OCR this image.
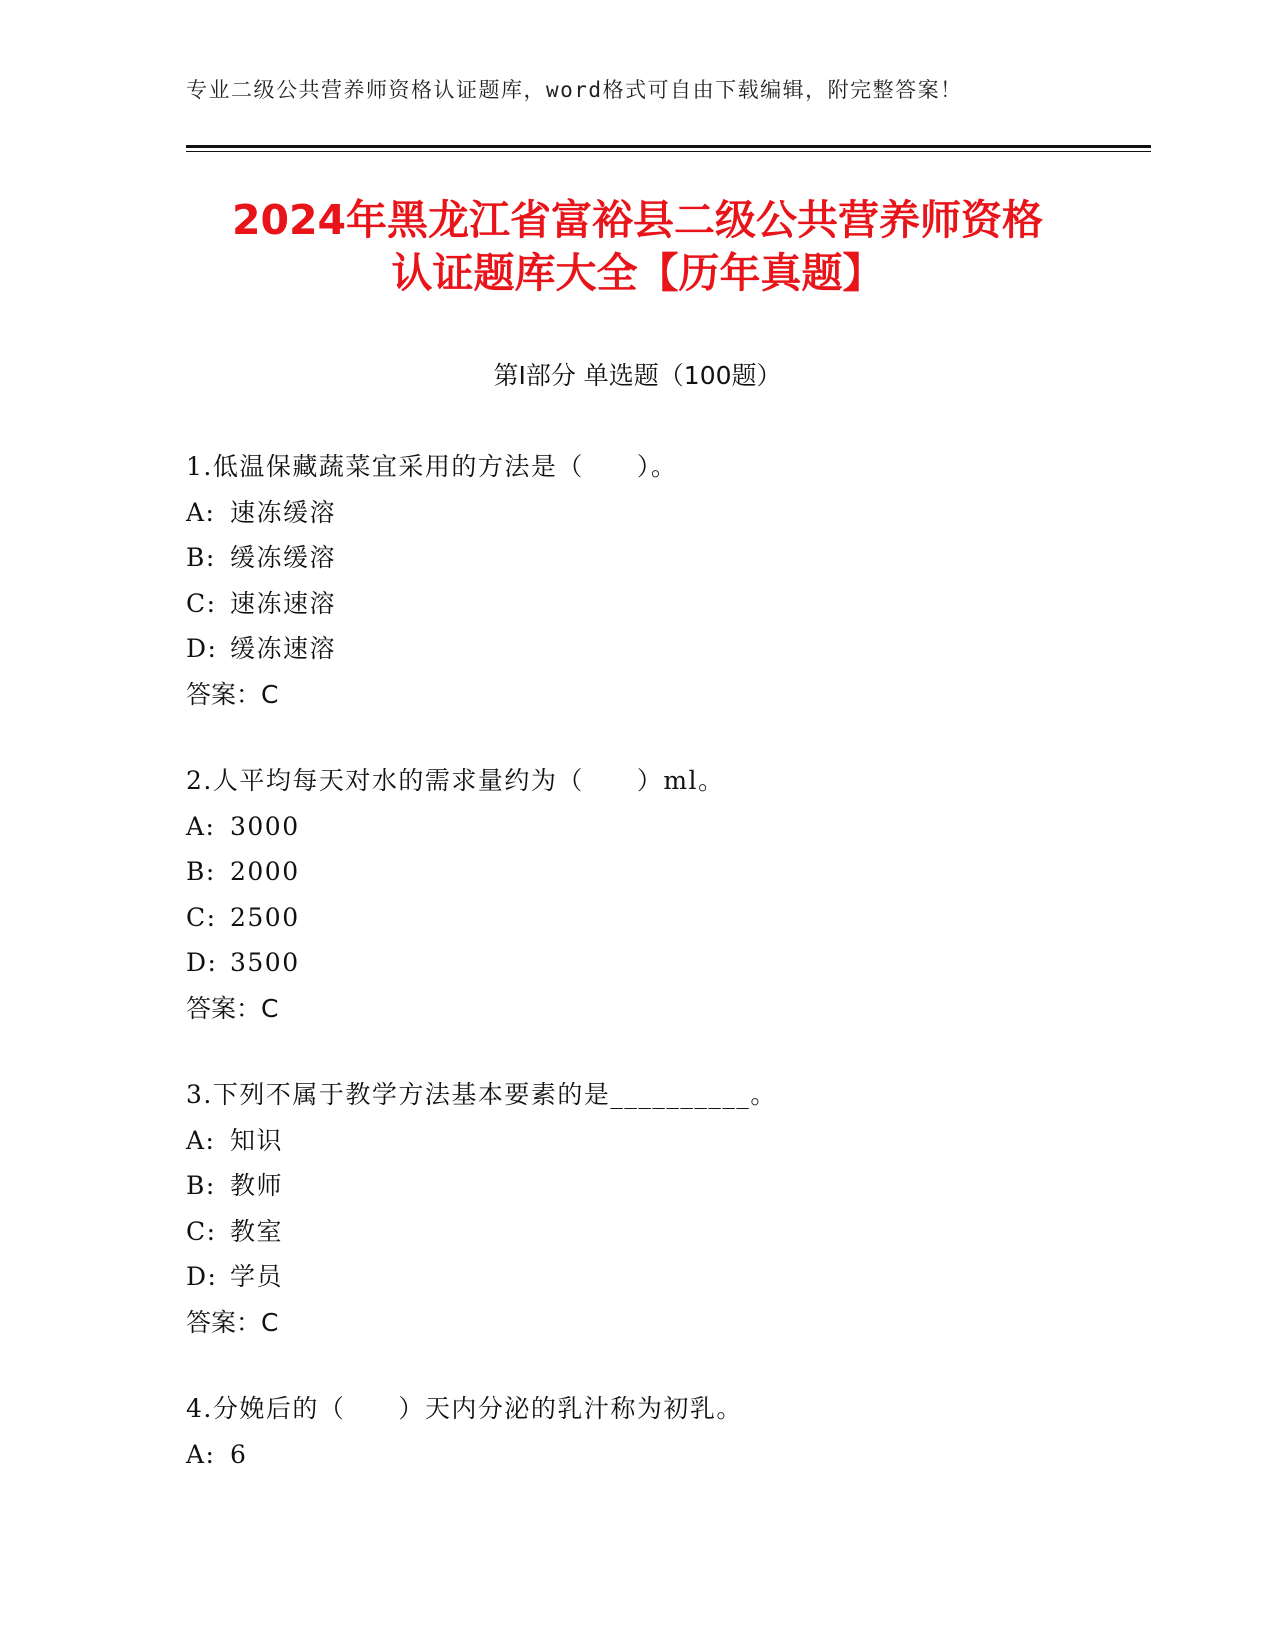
专业二级公共营养师资格认证题库，word格式可自由下载编辑，附完整答案！
2024年黑龙江省富裕县二级公共营养师资格
认证题库大全【历年真题】
第Ⅰ部分 单选题（100题）
1.低温保藏蔬菜宜采用的方法是（　　）。
A: 速冻缓溶
B: 缓冻缓溶
C: 速冻速溶
D: 缓冻速溶
答案：C
2.人平均每天对水的需求量约为（　　）ml。
A: 3000
B: 2000
C: 2500
D: 3500
答案：C
3.下列不属于教学方法基本要素的是__________。
A: 知识
B: 教师
C: 教室
D: 学员
答案：C
4.分娩后的（　　）天内分泌的乳汁称为初乳。
A: 6
